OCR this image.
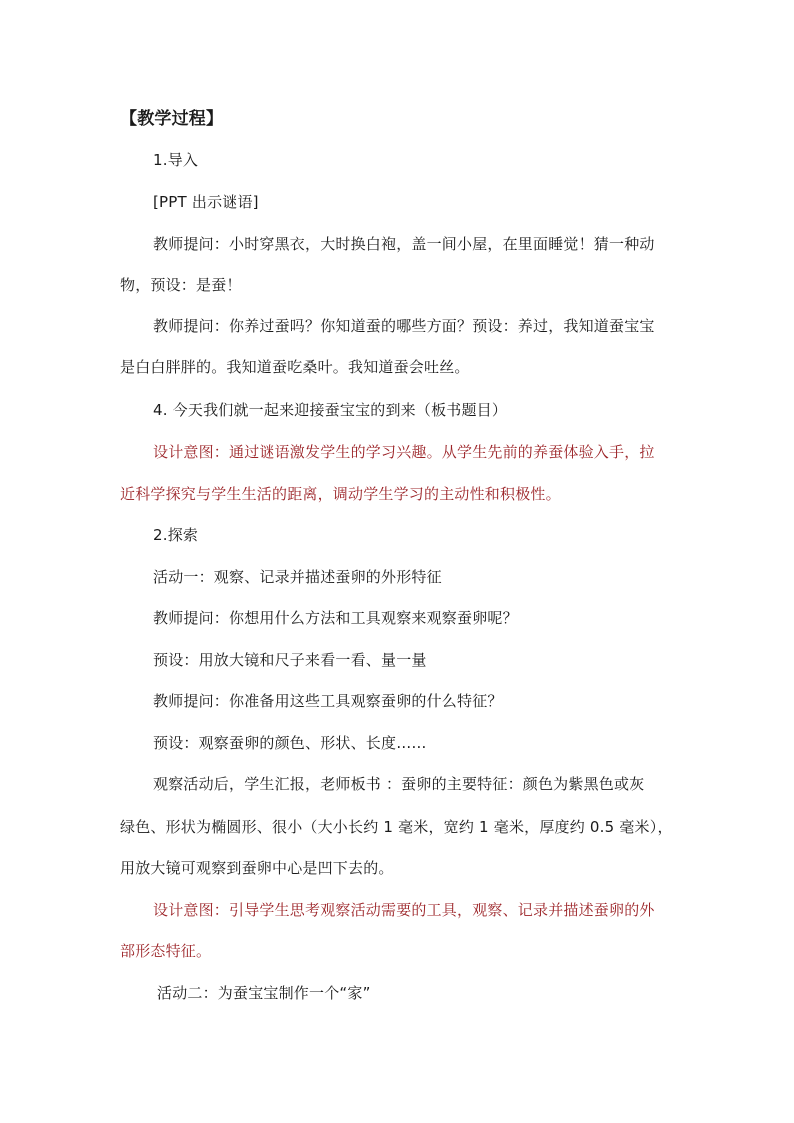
【教学过程】
1.导入
[PPT 出示谜语]
教师提问：小时穿黑衣，大时换白袍，盖一间小屋，在里面睡觉！猜一种动
物，预设：是蚕！
教师提问：你养过蚕吗？你知道蚕的哪些方面？预设：养过，我知道蚕宝宝
是白白胖胖的。我知道蚕吃桑叶。我知道蚕会吐丝。
4. 今天我们就一起来迎接蚕宝宝的到来（板书题目）
设计意图：通过谜语激发学生的学习兴趣。从学生先前的养蚕体验入手，拉
近科学探究与学生生活的距离，调动学生学习的主动性和积极性。
2.探索
活动一：观察、记录并描述蚕卵的外形特征
教师提问：你想用什么方法和工具观察来观察蚕卵呢？
预设：用放大镜和尺子来看一看、量一量
教师提问：你准备用这些工具观察蚕卵的什么特征？
预设：观察蚕卵的颜色、形状、长度……
观察活动后，学生汇报，老师板书 ：蚕卵的主要特征：颜色为紫黑色或灰
绿色、形状为椭圆形、很小（大小长约 1 毫米，宽约 1 毫米，厚度约 0.5 毫米），
用放大镜可观察到蚕卵中心是凹下去的。
设计意图：引导学生思考观察活动需要的工具，观察、记录并描述蚕卵的外
部形态特征。
活动二：为蚕宝宝制作一个“家”
